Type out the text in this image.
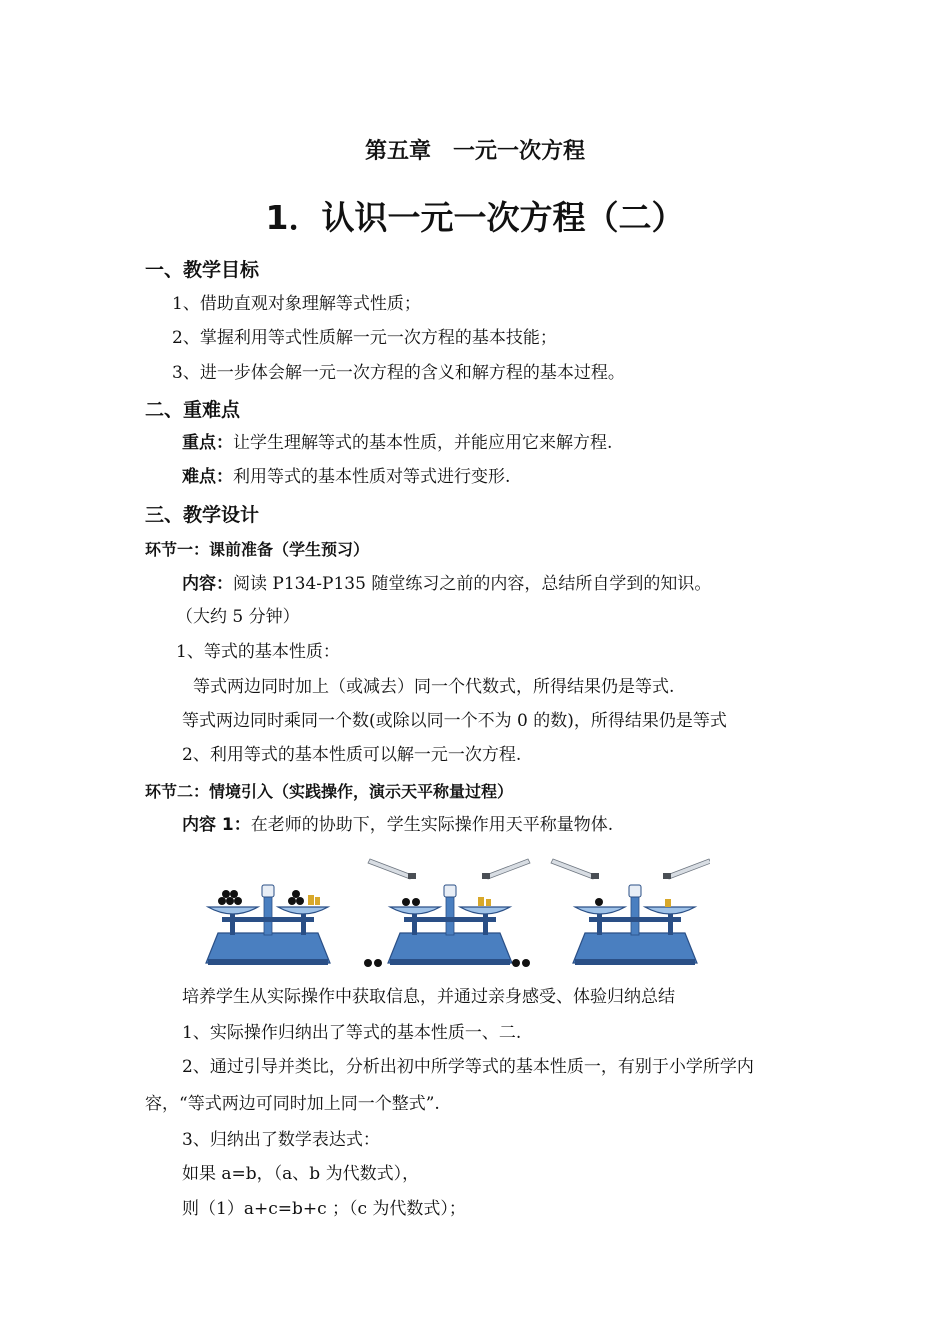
第五章　一元一次方程
1．认识一元一次方程（二）
一、教学目标
1、借助直观对象理解等式性质；
2、掌握利用等式性质解一元一次方程的基本技能；
3、进一步体会解一元一次方程的含义和解方程的基本过程。
二、重难点
重点：让学生理解等式的基本性质，并能应用它来解方程.
难点：利用等式的基本性质对等式进行变形.
三、教学设计
环节一：课前准备（学生预习）
内容：阅读 P134-P135 随堂练习之前的内容，总结所自学到的知识。
（大约 5 分钟）
1、等式的基本性质：
等式两边同时加上（或减去）同一个代数式，所得结果仍是等式.
等式两边同时乘同一个数(或除以同一个不为 0 的数)，所得结果仍是等式
2、利用等式的基本性质可以解一元一次方程.
环节二：情境引入（实践操作，演示天平称量过程）
内容 1：在老师的协助下，学生实际操作用天平称量物体.
培养学生从实际操作中获取信息，并通过亲身感受、体验归纳总结
1、实际操作归纳出了等式的基本性质一、二.
2、通过引导并类比，分析出初中所学等式的基本性质一，有别于小学所学内
容，“等式两边可同时加上同一个整式”.
3、归纳出了数学表达式：
如果 a=b，（a、b 为代数式），
则（1）a+c=b+c ；（c 为代数式）；
